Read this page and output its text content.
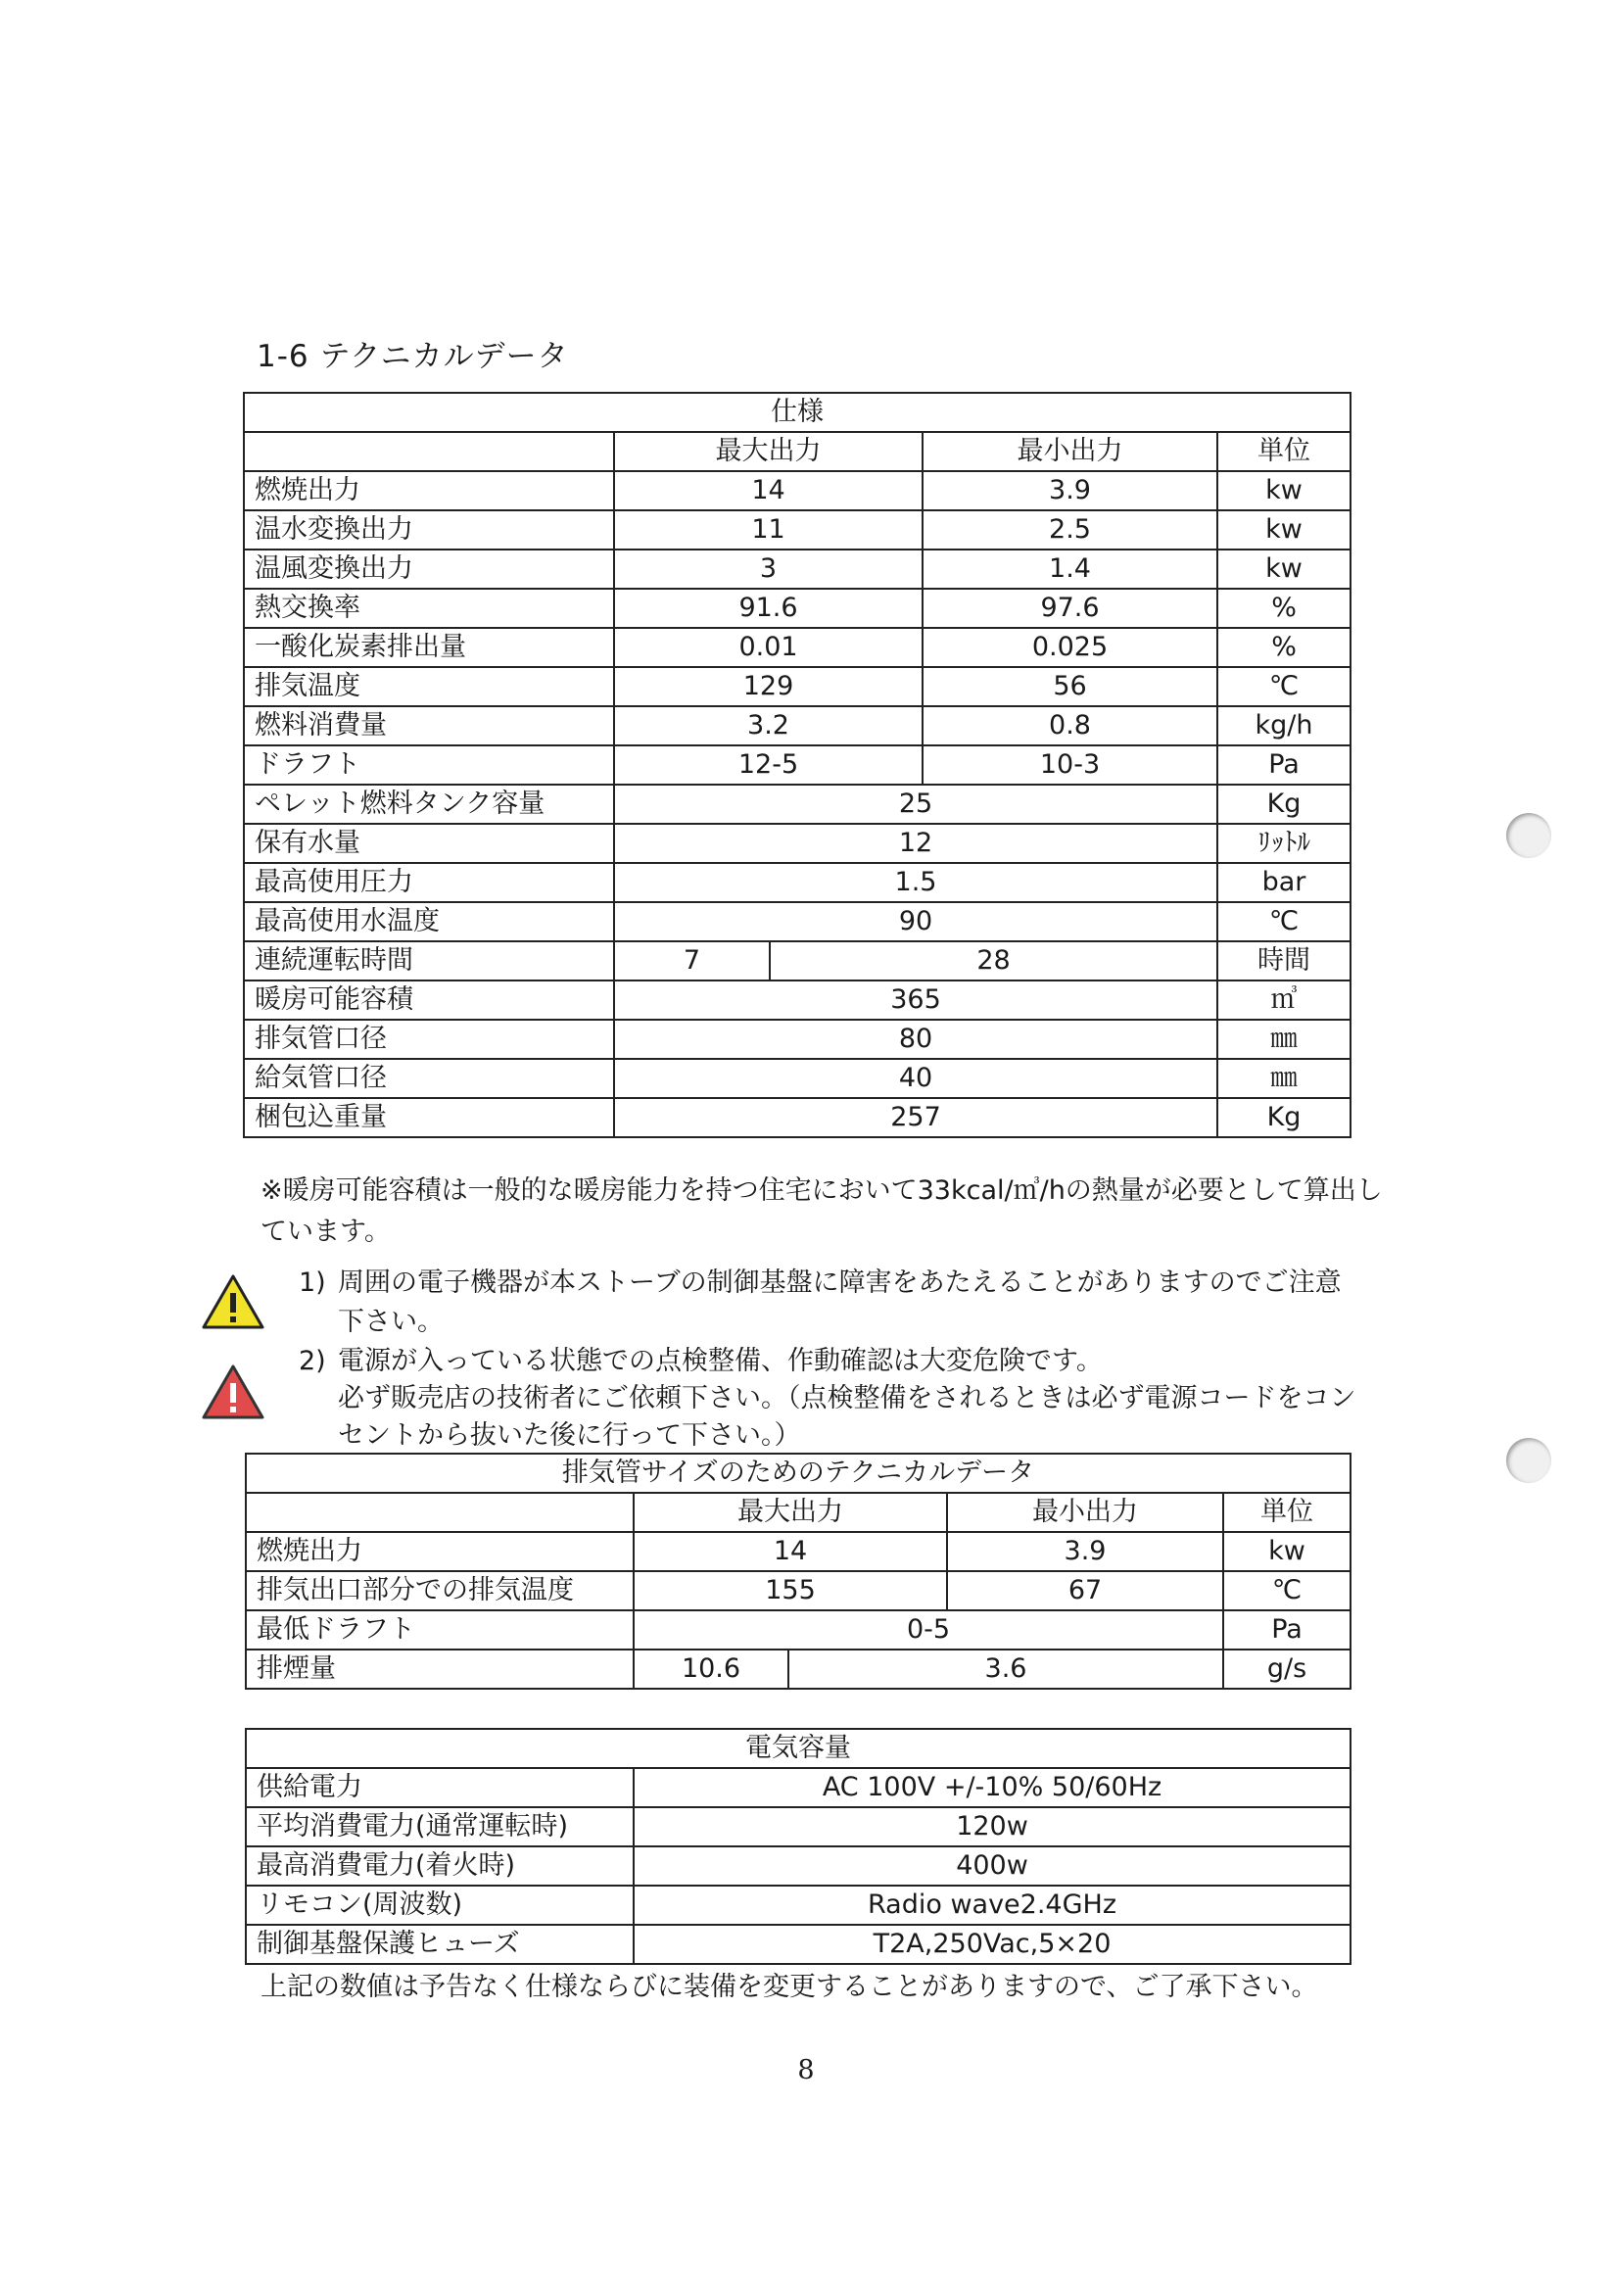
1-6 テクニカルデータ
仕様				
	最大出力		最小出力	単位
燃焼出力	14		3.9	kw
温水変換出力	11		2.5	kw
温風変換出力	3		1.4	kw
熱交換率	91.6		97.6	%
一酸化炭素排出量	0.01		0.025	%
排気温度	129		56	℃
燃料消費量	3.2		0.8	kg/h
ドラフト	12-5		10-3	Pa
ペレット燃料タンク容量	25			Kg
保有水量	12			ﾘｯﾄﾙ
最高使用圧力	1.5			bar
最高使用水温度	90			℃
連続運転時間	7	28		時間
暖房可能容積	365			㎥
排気管口径	80			㎜
給気管口径	40			㎜
梱包込重量	257			Kg
※暖房可能容積は一般的な暖房能力を持つ住宅において33kcal/㎥/hの熱量が必要として算出しています。
1) 周囲の電子機器が本ストーブの制御基盤に障害をあたえることがありますのでご注意
下さい。
2) 電源が入っている状態での点検整備、作動確認は大変危険です。
必ず販売店の技術者にご依頼下さい。（点検整備をされるときは必ず電源コードをコン
セントから抜いた後に行って下さい。）
排気管サイズのためのテクニカルデータ				
	最大出力		最小出力	単位
燃焼出力	14		3.9	kw
排気出口部分での排気温度	155		67	℃
最低ドラフト	0-5			Pa
排煙量	10.6	3.6		g/s
電気容量	
供給電力	AC 100V +/-10% 50/60Hz
平均消費電力(通常運転時)	120w
最高消費電力(着火時)	400w
リモコン(周波数)	Radio wave2.4GHz
制御基盤保護ヒューズ	T2A,250Vac,5×20
上記の数値は予告なく仕様ならびに装備を変更することがありますので、ご了承下さい。
8
